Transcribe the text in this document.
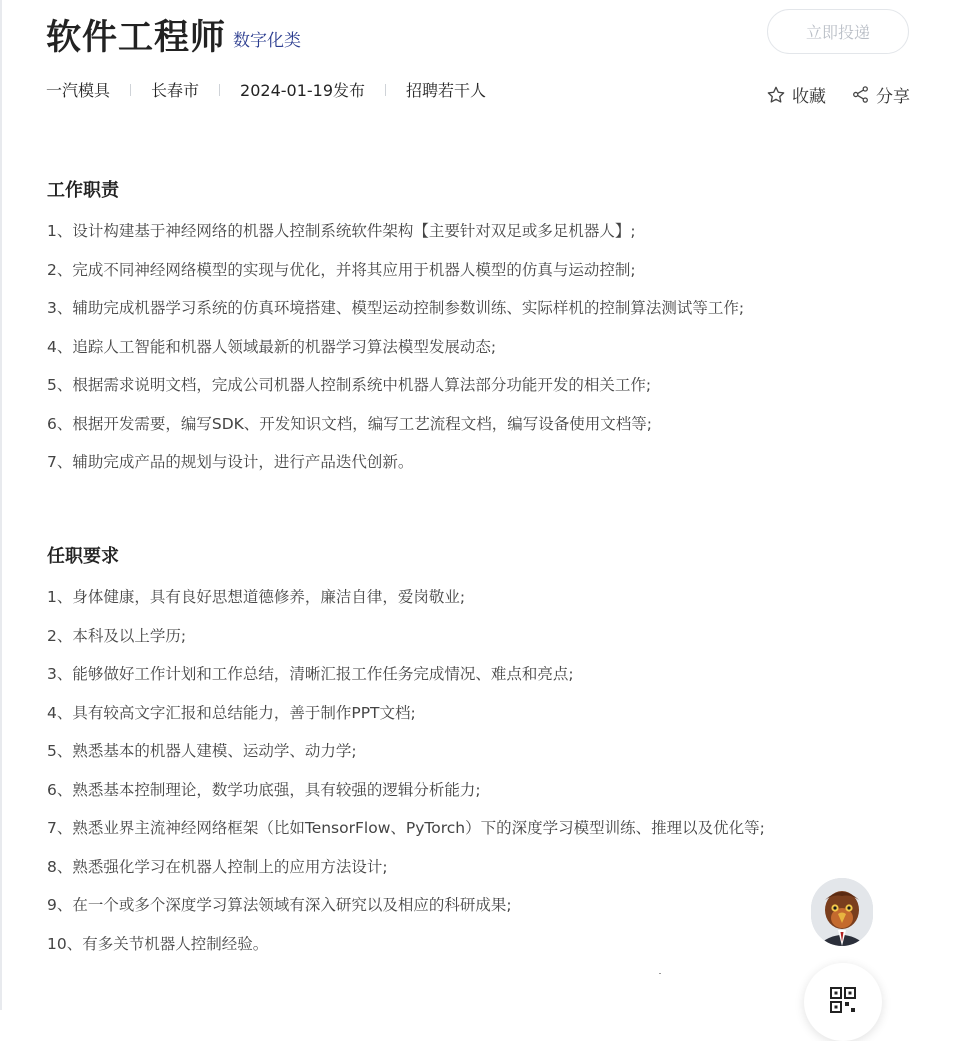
软件工程师 数字化类	立即投递
一汽模具	长春市	2024-01-19发布	招聘若干人	收藏	分享
工作职责
1、设计构建基于神经网络的机器人控制系统软件架构【主要针对双足或多足机器人】;
2、完成不同神经网络模型的实现与优化，并将其应用于机器人模型的仿真与运动控制;
3、辅助完成机器学习系统的仿真环境搭建、模型运动控制参数训练、实际样机的控制算法测试等工作;
4、追踪人工智能和机器人领域最新的机器学习算法模型发展动态;
5、根据需求说明文档，完成公司机器人控制系统中机器人算法部分功能开发的相关工作;
6、根据开发需要，编写SDK、开发知识文档，编写工艺流程文档，编写设备使用文档等;
7、辅助完成产品的规划与设计，进行产品迭代创新。
任职要求
1、身体健康，具有良好思想道德修养，廉洁自律，爱岗敬业;
2、本科及以上学历;
3、能够做好工作计划和工作总结，清晰汇报工作任务完成情况、难点和亮点;
4、具有较高文字汇报和总结能力，善于制作PPT文档;
5、熟悉基本的机器人建模、运动学、动力学;
6、熟悉基本控制理论，数学功底强，具有较强的逻辑分析能力;
7、熟悉业界主流神经网络框架（比如TensorFlow、PyTorch）下的深度学习模型训练、推理以及优化等;
8、熟悉强化学习在机器人控制上的应用方法设计;
9、在一个或多个深度学习算法领域有深入研究以及相应的科研成果;
10、有多关节机器人控制经验。
